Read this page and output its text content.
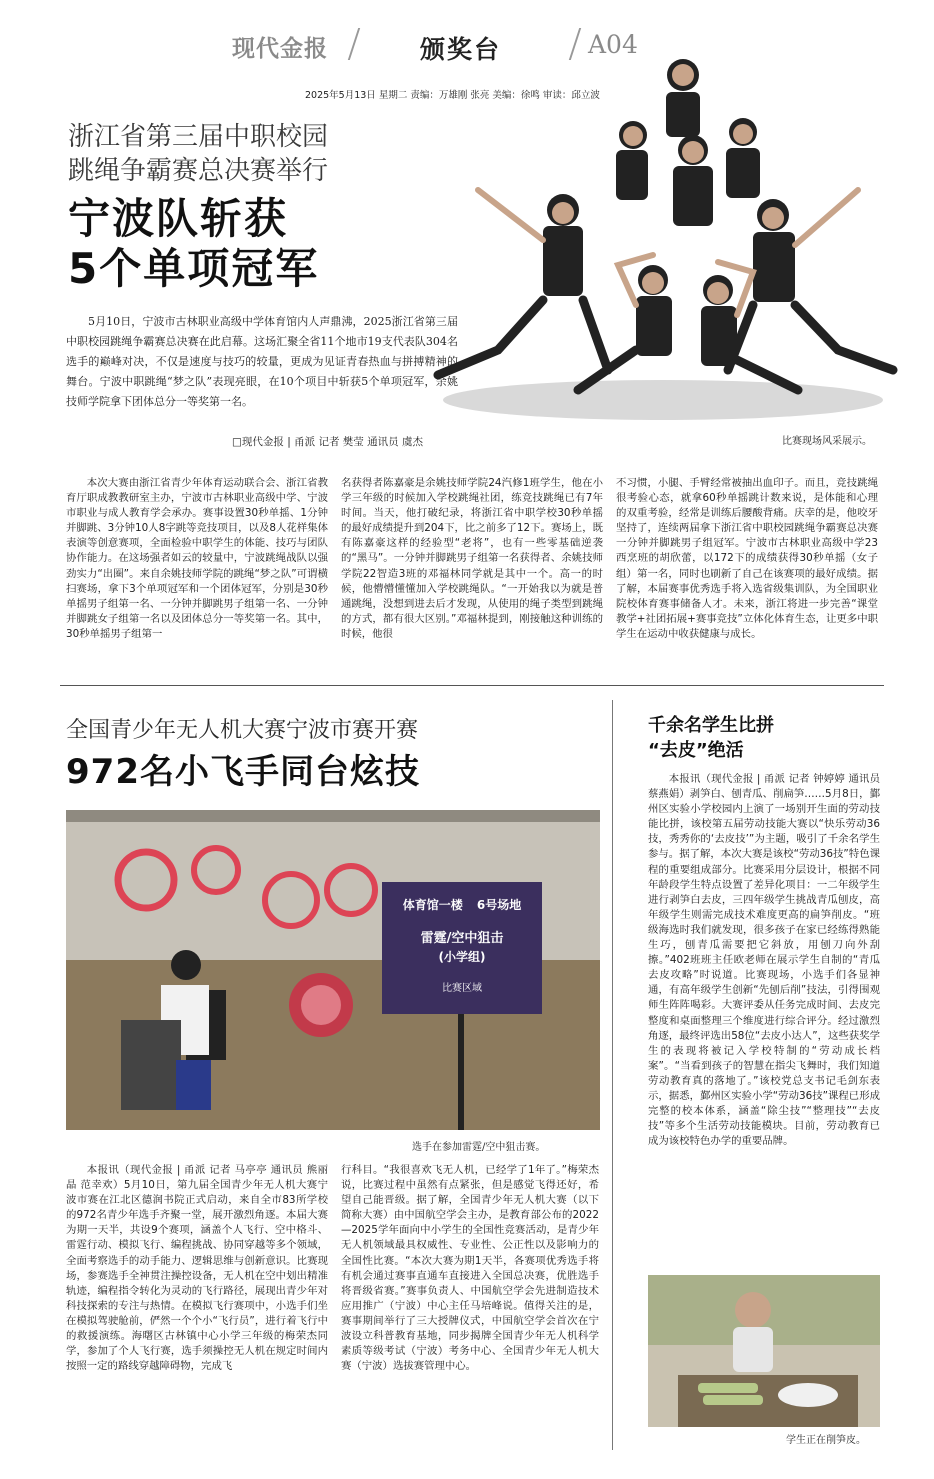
现代金报	颁奖台	A04
2025年5月13日 星期二 责编：万雄刚 张亮 美编：徐鸣 审读：邱立波
浙江省第三届中职校园
跳绳争霸赛总决赛举行
宁波队斩获
5个单项冠军
比赛现场风采展示。
5月10日，宁波市古林职业高级中学体育馆内人声鼎沸，2025浙江省第三届中职校园跳绳争霸赛总决赛在此启幕。这场汇聚全省11个地市19支代表队304名选手的巅峰对决，不仅是速度与技巧的较量，更成为见证青春热血与拼搏精神的舞台。宁波中职跳绳“梦之队”表现亮眼，在10个项目中斩获5个单项冠军，余姚技师学院拿下团体总分一等奖第一名。
□现代金报 | 甬派 记者 樊莹 通讯员 虞杰

本次大赛由浙江省青少年体育运动联合会、浙江省教育厅职成教教研室主办，宁波市古林职业高级中学、宁波市职业与成人教育学会承办。赛事设置30秒单摇、1分钟并脚跳、3分钟10人8字跳等竞技项目，以及8人花样集体表演等创意赛项，全面检验中职学生的体能、技巧与团队协作能力。在这场强者如云的较量中，宁波跳绳战队以强劲实力“出圈”。来自余姚技师学院的跳绳“梦之队”可谓横扫赛场，拿下3个单项冠军和一个团体冠军，分别是30秒单摇男子组第一名、一分钟并脚跳男子组第一名、一分钟并脚跳女子组第一名以及团体总分一等奖第一名。其中，30秒单摇男子组第一

名获得者陈嘉豪是余姚技师学院24汽修1班学生，他在小学三年级的时候加入学校跳绳社团，练竞技跳绳已有7年时间。当天，他打破纪录，将浙江省中职学校30秒单摇的最好成绩提升到204下，比之前多了12下。赛场上，既有陈嘉豪这样的经验型“老将”，也有一些零基础逆袭的“黑马”。一分钟并脚跳男子组第一名获得者、余姚技师学院22智造3班的邓福林同学就是其中一个。高一的时候，他懵懵懂懂加入学校跳绳队。“一开始我以为就是普通跳绳，没想到进去后才发现，从使用的绳子类型到跳绳的方式，都有很大区别。”邓福林提到，刚接触这种训练的时候，他很

不习惯，小腿、手臂经常被抽出血印子。而且，竞技跳绳很考验心态，就拿60秒单摇跳计数来说，是体能和心理的双重考验，经常是训练后腰酸背痛。庆幸的是，他咬牙坚持了，连续两届拿下浙江省中职校园跳绳争霸赛总决赛一分钟并脚跳男子组冠军。宁波市古林职业高级中学23西烹班的胡欣蕾，以172下的成绩获得30秒单摇（女子组）第一名，同时也刷新了自己在该赛项的最好成绩。据了解，本届赛事优秀选手将入选省级集训队，为全国职业院校体育赛事储备人才。未来，浙江将进一步完善“课堂教学+社团拓展+赛事竞技”立体化体育生态，让更多中职学生在运动中收获健康与成长。

全国青少年无人机大赛宁波市赛开赛
972名小飞手同台炫技
体育馆一楼 6号场地
雷霆/空中狙击
(小学组)
比赛区域
选手在参加雷霆/空中狙击赛。

本报讯（现代金报 | 甬派 记者 马亭亭 通讯员 熊丽晶 范幸欢）5月10日，第九届全国青少年无人机大赛宁波市赛在江北区德润书院正式启动，来自全市83所学校的972名青少年选手齐聚一堂，展开激烈角逐。本届大赛为期一天半，共设9个赛项，涵盖个人飞行、空中格斗、雷霆行动、模拟飞行、编程挑战、协同穿越等多个领域，全面考察选手的动手能力、逻辑思维与创新意识。比赛现场，参赛选手全神贯注操控设备，无人机在空中划出精准轨迹，编程指令转化为灵动的飞行路径，展现出青少年对科技探索的专注与热情。在模拟飞行赛项中，小选手们坐在模拟驾驶舱前，俨然一个个小“飞行员”，进行着飞行中的救援演练。海曙区古林镇中心小学三年级的梅荣杰同学，参加了个人飞行赛，选手须操控无人机在规定时间内按照一定的路线穿越障碍物，完成飞

行科目。“我很喜欢飞无人机，已经学了1年了。”梅荣杰说，比赛过程中虽然有点紧张，但是感觉飞得还好，希望自己能晋级。据了解，全国青少年无人机大赛（以下简称大赛）由中国航空学会主办，是教育部公布的2022—2025学年面向中小学生的全国性竞赛活动，是青少年无人机领域最具权威性、专业性、公正性以及影响力的全国性比赛。“本次大赛为期1天半，各赛项优秀选手将有机会通过赛事直通车直接进入全国总决赛，优胜选手将晋级省赛。”赛事负责人、中国航空学会先进制造技术应用推广（宁波）中心主任马培峰说。值得关注的是，赛事期间举行了三大授牌仪式，中国航空学会首次在宁波设立科普教育基地，同步揭牌全国青少年无人机科学素质等级考试（宁波）考务中心、全国青少年无人机大赛（宁波）选拔赛管理中心。

千余名学生比拼
“去皮”绝活

本报讯（现代金报 | 甬派 记者 钟婷婷 通讯员 蔡燕娟）剥笋白、刨青瓜、削扁笋……5月8日，鄞州区实验小学校园内上演了一场别开生面的劳动技能比拼，该校第五届劳动技能大赛以“快乐劳动36技，秀秀你的‘去皮技’”为主题，吸引了千余名学生参与。据了解，本次大赛是该校“劳动36技”特色课程的重要组成部分。比赛采用分层设计，根据不同年龄段学生特点设置了差异化项目：一二年级学生进行剥笋白去皮，三四年级学生挑战青瓜刨皮，高年级学生则需完成技术难度更高的扁笋削皮。“班级海选时我们就发现，很多孩子在家已经练得熟能生巧，刨青瓜需要把它斜放，用刨刀向外刮擦。”402班班主任欧老师在展示学生自制的“青瓜去皮攻略”时说道。比赛现场，小选手们各显神通，有高年级学生创新“先刨后削”技法，引得围观师生阵阵喝彩。大赛评委从任务完成时间、去皮完整度和桌面整理三个维度进行综合评分。经过激烈角逐，最终评选出58位“去皮小达人”，这些获奖学生的表现将被记入学校特制的“劳动成长档案”。“当看到孩子的智慧在指尖飞舞时，我们知道劳动教育真的落地了。”该校党总支书记毛剑东表示，据悉，鄞州区实验小学“劳动36技”课程已形成完整的校本体系，涵盖“除尘技”“整理技”“去皮技”等多个生活劳动技能模块。目前，劳动教育已成为该校特色办学的重要品牌。

学生正在削笋皮。
